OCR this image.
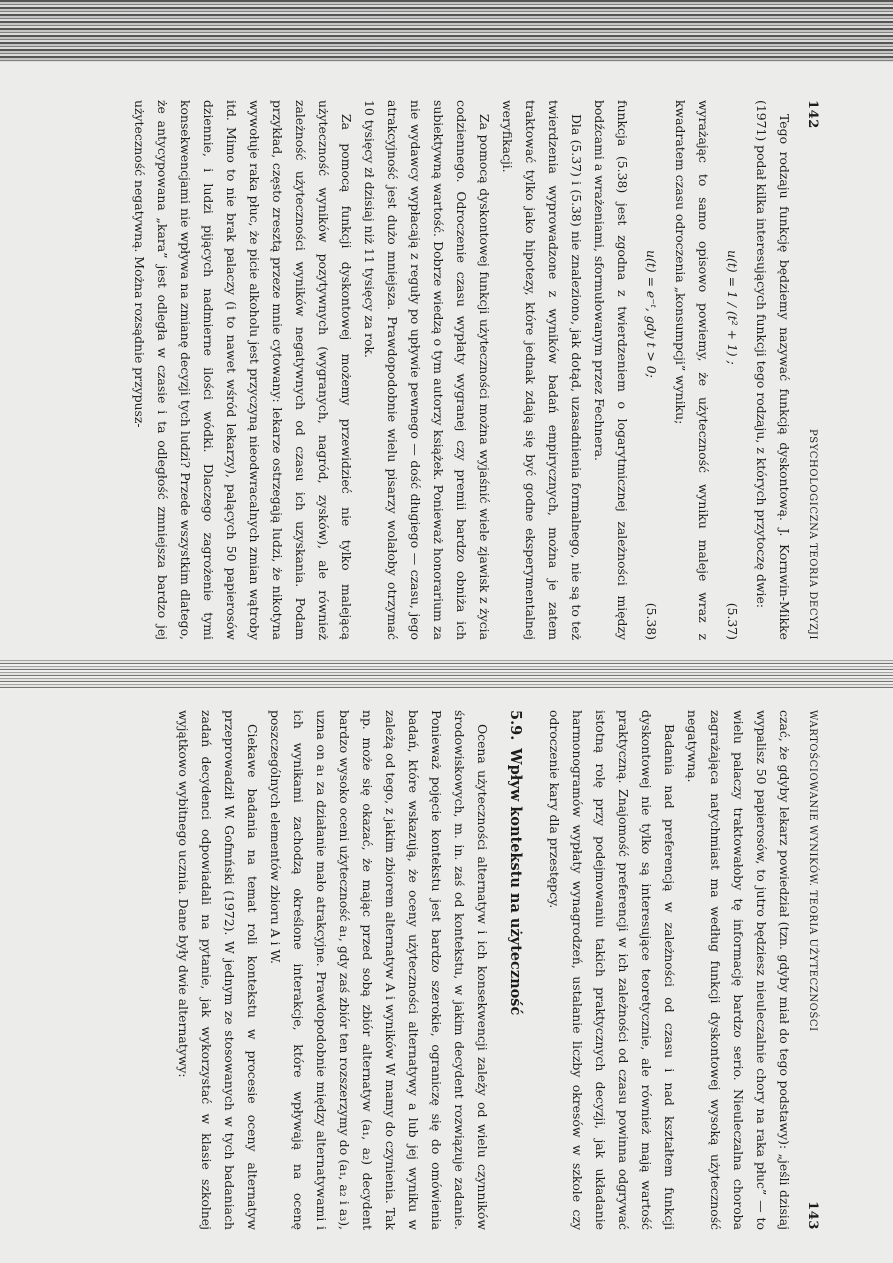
PSYCHOLOGICZNA TEORIA DECYZJI
142

Tego rodzaju funkcję będziemy nazywać funkcją dyskontową. J. Kornwin-Mikke (1971) podał kilka interesujących funkcji tego rodzaju, z których przytoczę dwie:

u(t) = 1 / (t² + 1) ;
(5.37)

wyrażając to samo opisowo powiemy, że użyteczność wyniku maleje wraz z kwadratem czasu odroczenia „konsumpcji” wyniku;

u(t) = e⁻ᵗ, gdy t > 0;
(5.38)

funkcja (5.38) jest zgodna z twierdzeniem o logarytmicznej zależności między bodźcami a wrażeniami, sformułowanym przez Fechnera.

Dla (5.37) i (5.38) nie znaleziono, jak dotąd, uzasadnienia formalnego, nie są to też twierdzenia wyprowadzone z wyników badań empirycznych, można je zatem traktować tylko jako hipotezy, które jednak zdają się być godne eksperymentalnej weryfikacji.

Za pomocą dyskontowej funkcji użyteczności można wyjaśnić wiele zjawisk z życia codziennego. Odroczenie czasu wypłaty wygranej czy premii bardzo obniża ich subiektywną wartość. Dobrze wiedzą o tym autorzy książek. Ponieważ honorarium za nie wydawcy wypłacają z reguły po upływie pewnego — dość długiego — czasu, jego atrakcyjność jest dużo mniejsza. Prawdopodobnie wielu pisarzy wolałoby otrzymać 10 tysięcy zł dzisiaj niż 11 tysięcy za rok.

Za pomocą funkcji dyskontowej możemy przewidzieć nie tylko malejącą użyteczność wyników pozytywnych (wygranych, nagród, zysków), ale również zależność użyteczności wyników negatywnych od czasu ich uzyskania. Podam przykład, często zresztą przeze mnie cytowany: lekarze ostrzegają ludzi, że nikotyna wywołuje raka płuc, że picie alkoholu jest przyczyną nieodwracalnych zmian wątroby itd. Mimo to nie brak palaczy (i to nawet wśród lekarzy), palących 50 papierosów dziennie, i ludzi pijących nadmierne ilości wódki. Dlaczego zagrożenie tymi konsekwencjami nie wpływa na zmianę decyzji tych ludzi? Przede wszystkim dlatego, że antycypowana „kara” jest odległa w czasie i ta odległość zmniejsza bardzo jej użyteczność negatywną. Można rozsądnie przypusz-

WARTOŚCIOWANIE WYNIKÓW. TEORIA UŻYTECZNOŚCI
143

czać, że gdyby lekarz powiedział (tzn. gdyby miał do tego podstawy): „jeśli dzisiaj wypalisz 50 papierosów, to jutro będziesz nieuleczalnie chory na raka płuc” — to wielu palaczy traktowałoby tę informację bardzo serio. Nieuleczalna choroba zagrażająca natychmiast ma według funkcji dyskontowej wysoką użyteczność negatywną.

Badania nad preferencją w zależności od czasu i nad kształtem funkcji dyskontowej nie tylko są interesujące teoretycznie, ale również mają wartość praktyczną. Znajomość preferencji w ich zależności od czasu powinna odgrywać istotną rolę przy podejmowaniu takich praktycznych decyzji, jak układanie harmonogramów wypłaty wynagrodzeń, ustalanie liczby okresów w szkole czy odroczenie kary dla przestępcy.

5.9.Wpływ kontekstu na użyteczność

Ocena użyteczności alternatyw i ich konsekwencji zależy od wielu czynników środowiskowych, m. in. zaś od kontekstu, w jakim decydent rozwiązuje zadanie. Ponieważ pojęcie kontekstu jest bardzo szerokie, ograniczę się do omówienia badań, które wskazują, że oceny użyteczności alternatywy a lub jej wyniku w zależą od tego, z jakim zbiorem alternatyw A i wyników W mamy do czynienia. Tak np. może się okazać, że mając przed sobą zbiór alternatyw (a₁, a₂) decydent bardzo wysoko oceni użyteczność a₁, gdy zaś zbiór ten rozszerzymy do (a₁, a₂ i a₃), uzna on a₁ za działanie mało atrakcyjne. Prawdopodobnie między alternatywami i ich wynikami zachodzą określone interakcje, które wpływają na ocenę poszczególnych elementów zbioru A i W.

Ciekawe badania na temat roli kontekstu w procesie oceny alternatyw przeprowadził W. Gofmński (1972). W jednym ze stosowanych w tych badaniach zadań decydenci odpowiadali na pytanie, jak wykorzystać w klasie szkolnej wyjątkowo wybitnego ucznia. Dane były dwie alternatywy:
